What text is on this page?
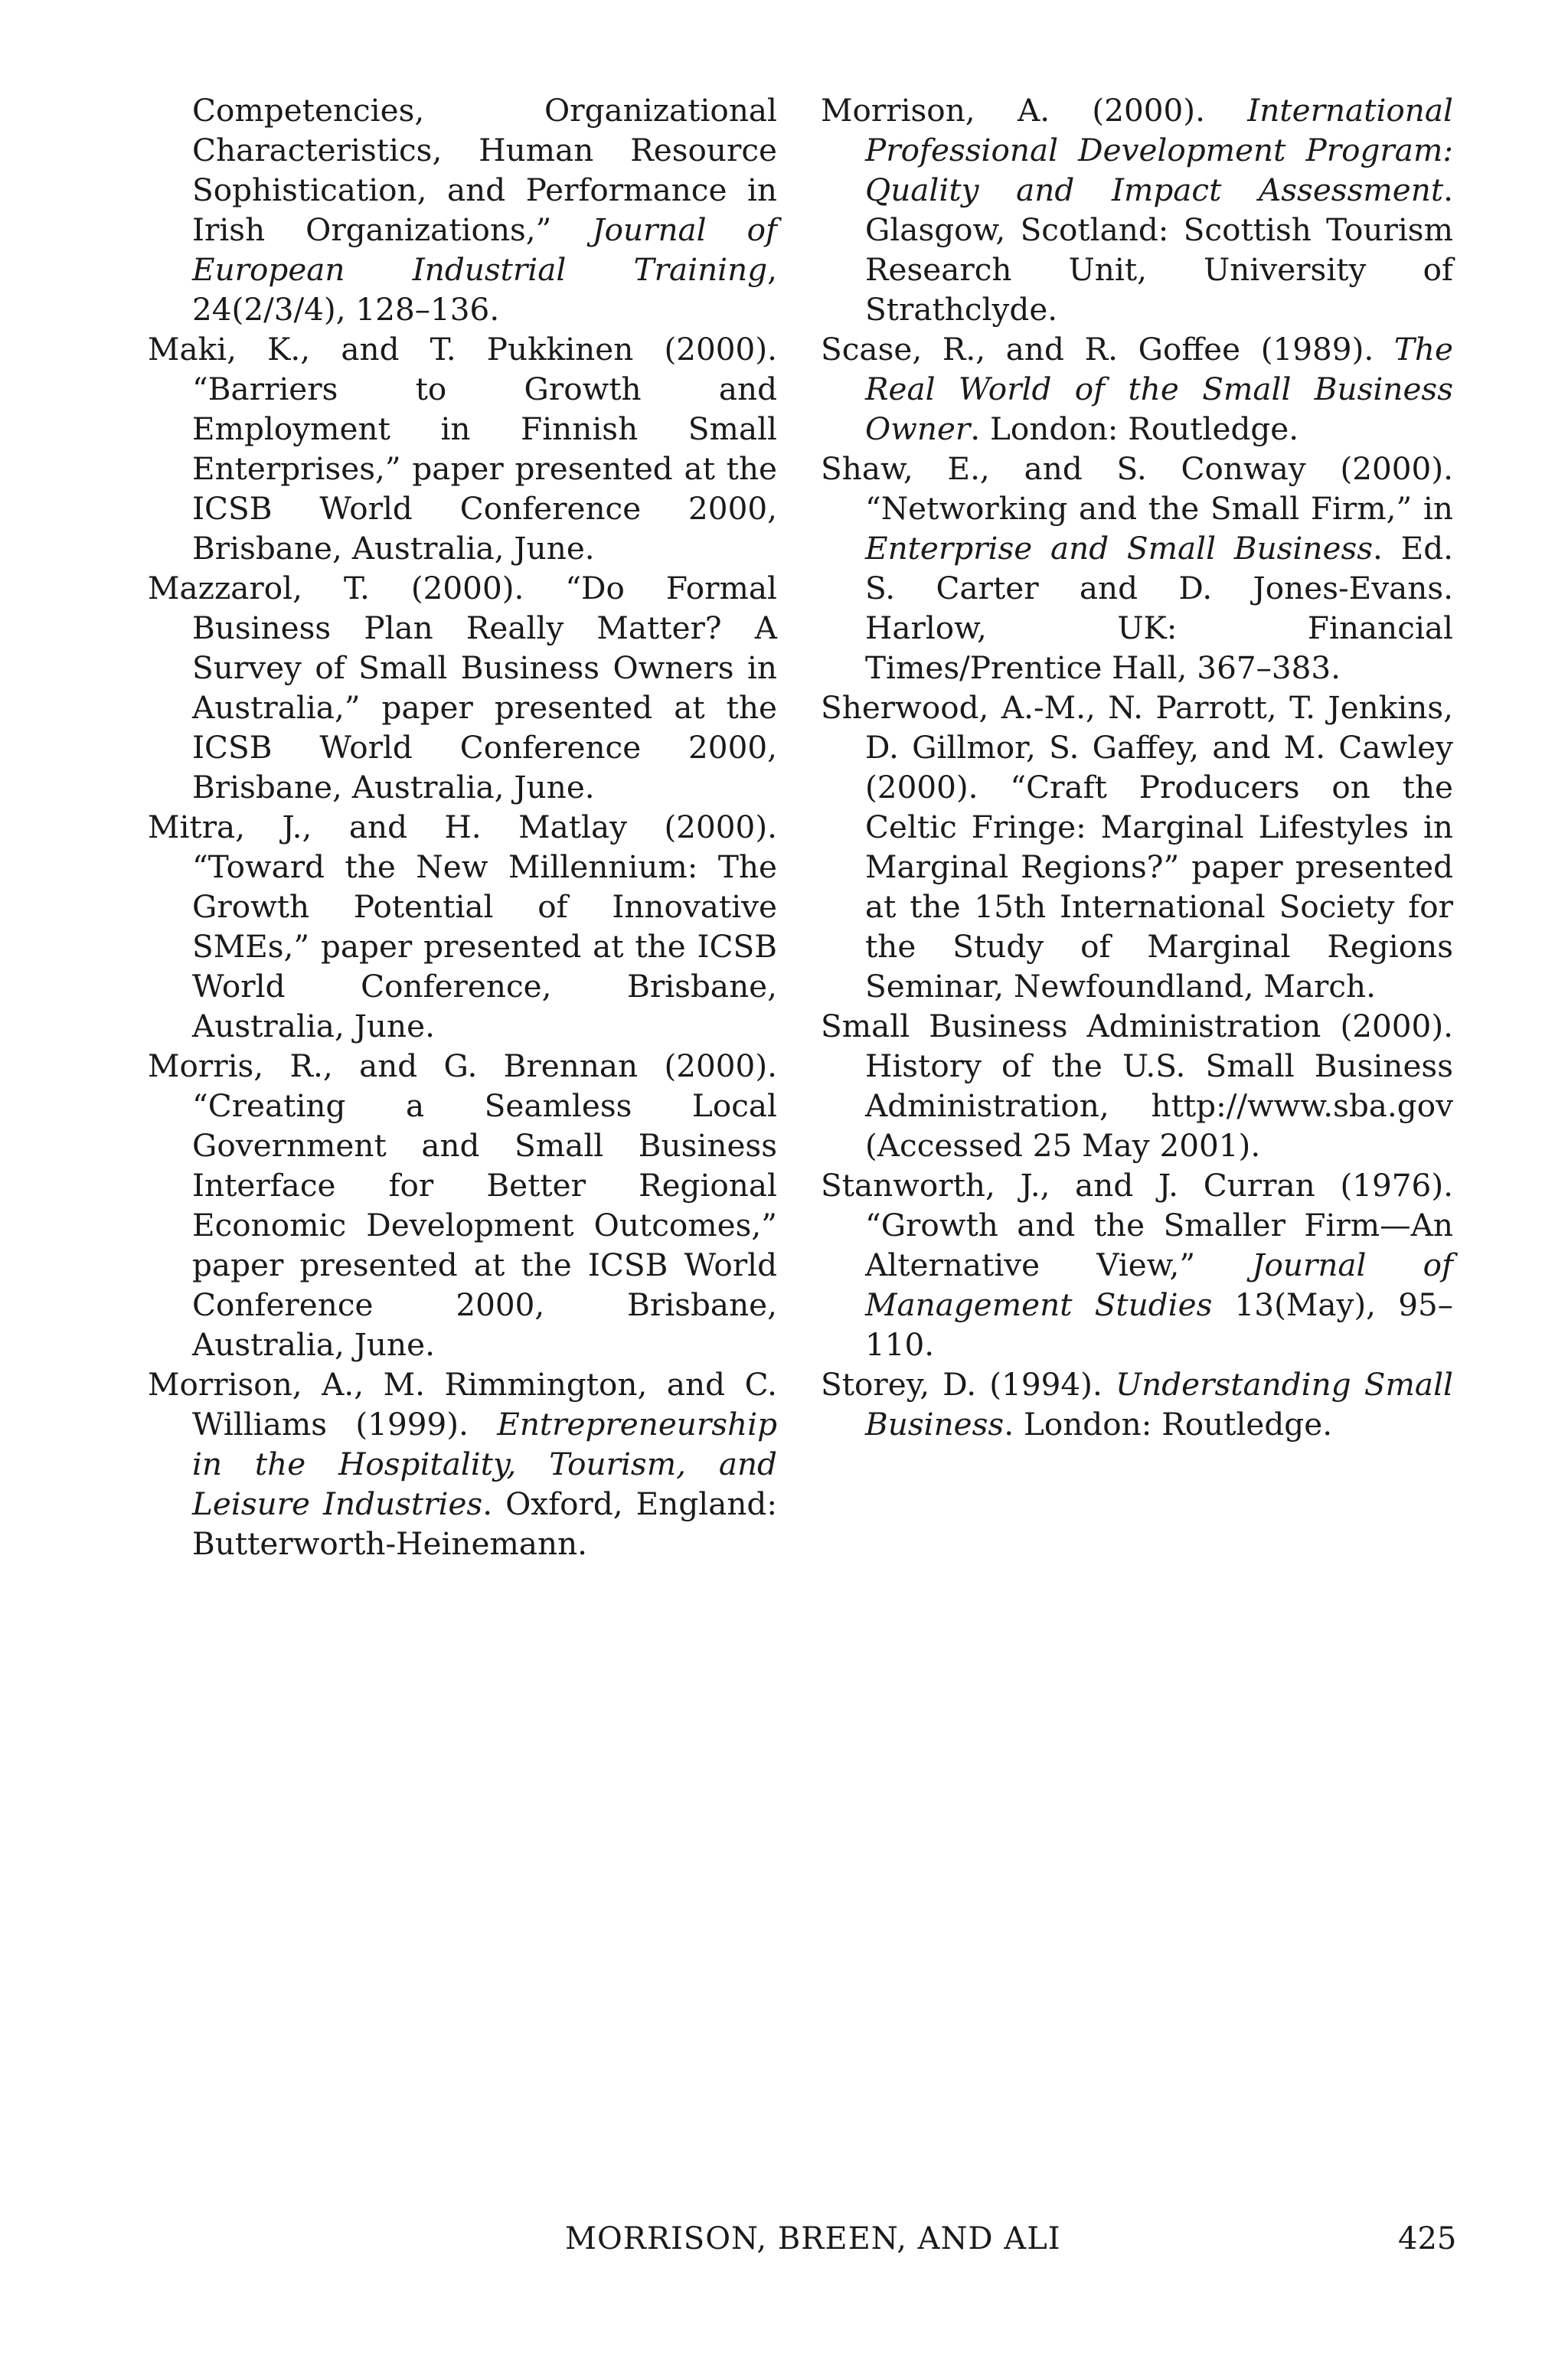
Competencies, Organizational Characteristics, Human Resource Sophistication, and Performance in Irish Organizations,” Journal of European Industrial Training, 24(2/3/4), 128–136.

Maki, K., and T. Pukkinen (2000). “Barriers to Growth and Employment in Finnish Small Enterprises,” paper presented at the ICSB World Conference 2000, Brisbane, Australia, June.

Mazzarol, T. (2000). “Do Formal Business Plan Really Matter? A Survey of Small Business Owners in Australia,” paper presented at the ICSB World Conference 2000, Brisbane, Australia, June.

Mitra, J., and H. Matlay (2000). “Toward the New Millennium: The Growth Potential of Innovative SMEs,” paper presented at the ICSB World Conference, Brisbane, Australia, June.

Morris, R., and G. Brennan (2000). “Creating a Seamless Local Government and Small Business Interface for Better Regional Economic Development Outcomes,” paper presented at the ICSB World Conference 2000, Brisbane, Australia, June.

Morrison, A., M. Rimmington, and C. Williams (1999). Entrepreneurship in the Hospitality, Tourism, and Leisure Industries. Oxford, England: Butterworth-Heinemann.

Morrison, A. (2000). International Professional Development Program: Quality and Impact Assessment. Glasgow, Scotland: Scottish Tourism Research Unit, University of Strathclyde.

Scase, R., and R. Goffee (1989). The Real World of the Small Business Owner. London: Routledge.

Shaw, E., and S. Conway (2000). “Networking and the Small Firm,” in Enterprise and Small Business. Ed. S. Carter and D. Jones-Evans. Harlow, UK: Financial Times/Prentice Hall, 367–383.

Sherwood, A.-M., N. Parrott, T. Jenkins, D. Gillmor, S. Gaffey, and M. Cawley (2000). “Craft Producers on the Celtic Fringe: Marginal Lifestyles in Marginal Regions?” paper presented at the 15th International Society for the Study of Marginal Regions Seminar, Newfoundland, March.

Small Business Administration (2000). History of the U.S. Small Business Administration, http://www.sba.gov (Accessed 25 May 2001).

Stanworth, J., and J. Curran (1976). “Growth and the Smaller Firm—An Alternative View,” Journal of Management Studies 13(May), 95–110.

Storey, D. (1994). Understanding Small Business. London: Routledge.

MORRISON, BREEN, AND ALI	425
